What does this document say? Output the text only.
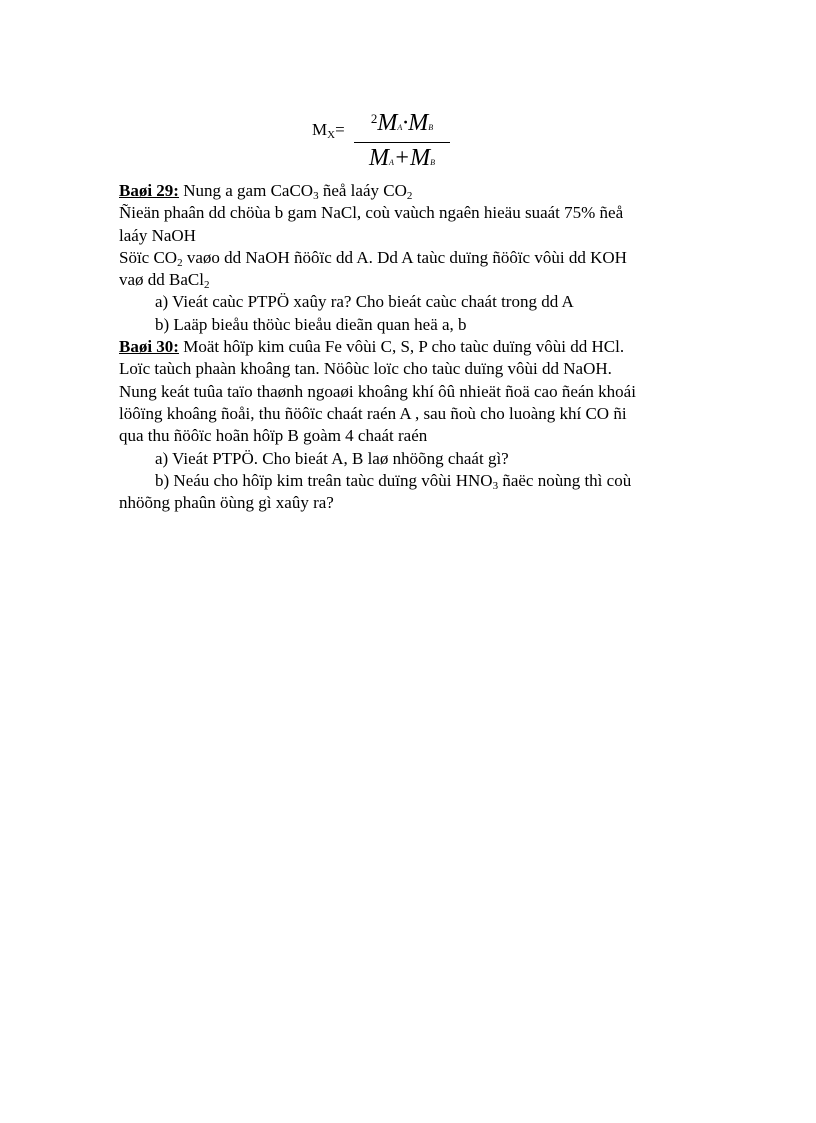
$M_X=$
$^2$MA·MB
MA+MB

Baøi 29: Nung a gam CaCO$_3$ ñeå laáy $CO_2$

Ñieän phaân dd chöùa b gam NaCl, coù vaùch ngaên hieäu suaát 75% ñeå

laáy NaOH

Söïc $CO_2$ vaøo dd NaOH ñöôïc dd A. Dd A taùc duïng ñöôïc vôùi dd KOH

vaø dd BaCl$_2$

a) Vieát caùc PTPÖ xaûy ra? Cho bieát caùc chaát trong dd A

b) Laäp bieåu thöùc bieåu dieãn quan heä a, b

Baøi 30: Moät hôïp kim cuûa Fe vôùi C, S, P cho taùc duïng vôùi dd HCl.

Loïc taùch phaàn khoâng tan. Nöôùc loïc cho taùc duïng vôùi dd NaOH.

Nung keát tuûa taïo thaønh ngoaøi khoâng khí ôû nhieät ñoä cao ñeán khoái

löôïng khoâng ñoåi, thu ñöôïc chaát raén A , sau ñoù cho luoàng khí CO ñi

qua thu ñöôïc hoãn hôïp B goàm 4 chaát raén

a) Vieát PTPÖ. Cho bieát A, B laø nhöõng chaát gì?

b) Neáu cho hôïp kim treân taùc duïng vôùi $HNO_3$ ñaëc noùng thì coù

nhöõng phaûn öùng gì xaûy ra?
